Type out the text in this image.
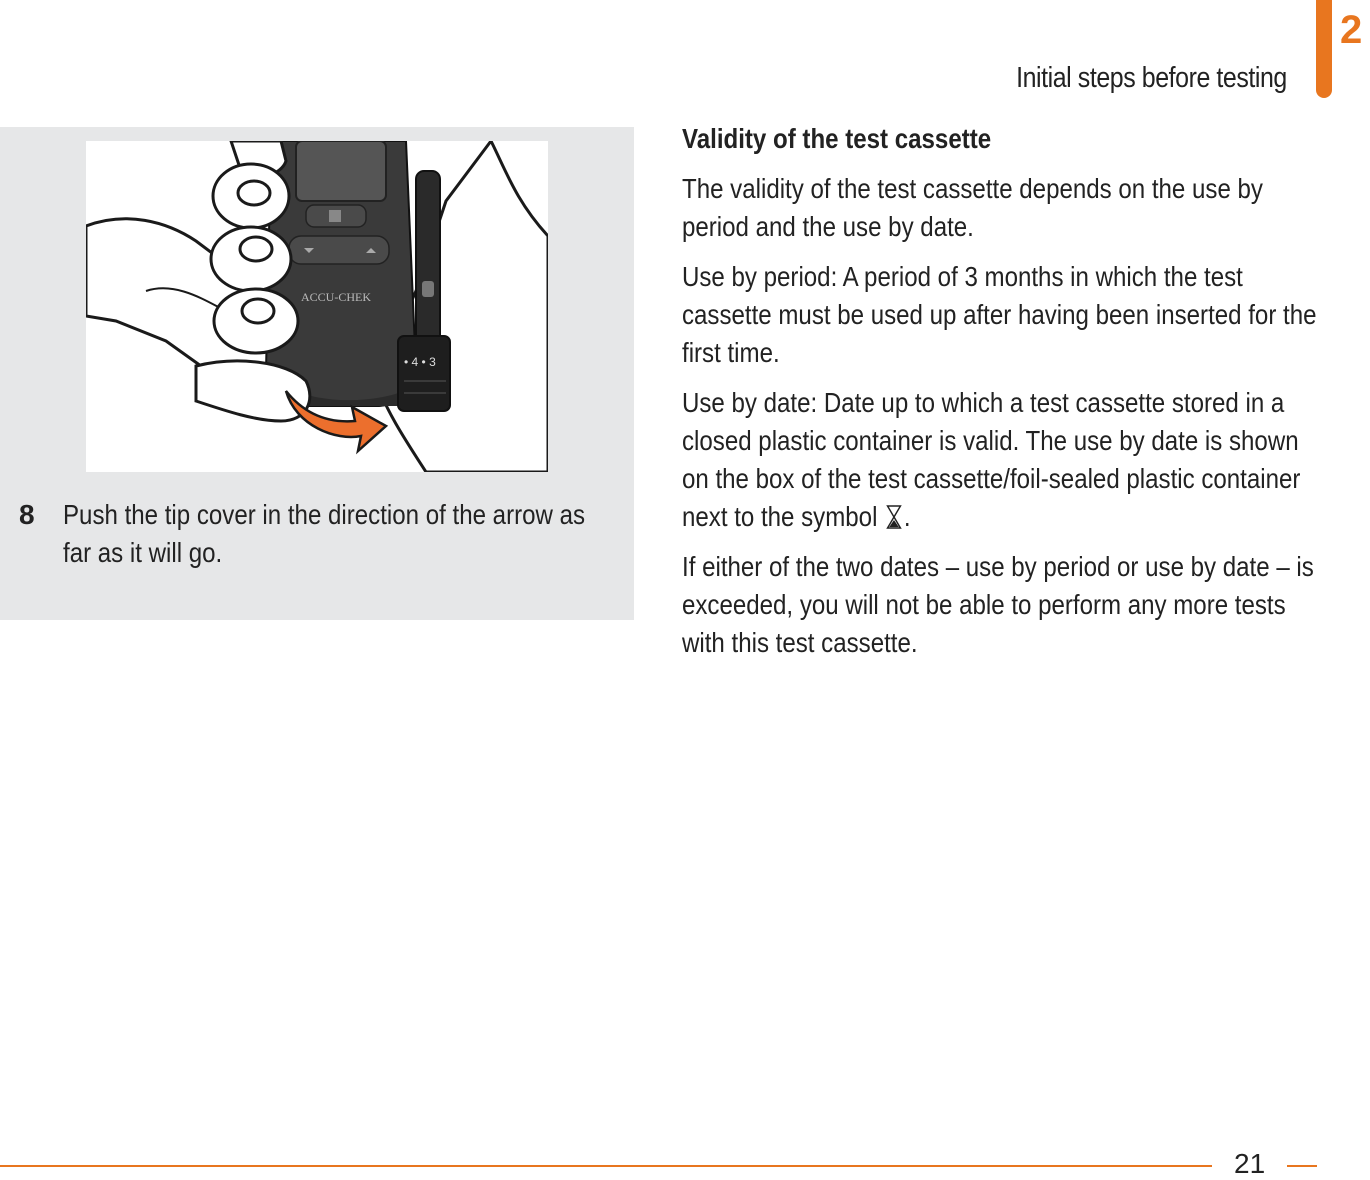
Initial steps before testing
2
ACCU-CHEK
• 4 • 3
8 Push the tip cover in the direction of the arrow as far as it will go.
Validity of the test cassette

The validity of the test cassette depends on the use by period and the use by date.

Use by period: A period of 3 months in which the test cassette must be used up after having been inserted for the first time.

Use by date: Date up to which a test cassette stored in a closed plastic container is valid. The use by date is shown on the box of the test cassette/foil-sealed plastic container next to the symbol .

If either of the two dates – use by period or use by date – is exceeded, you will not be able to perform any more tests with this test cassette.

21
